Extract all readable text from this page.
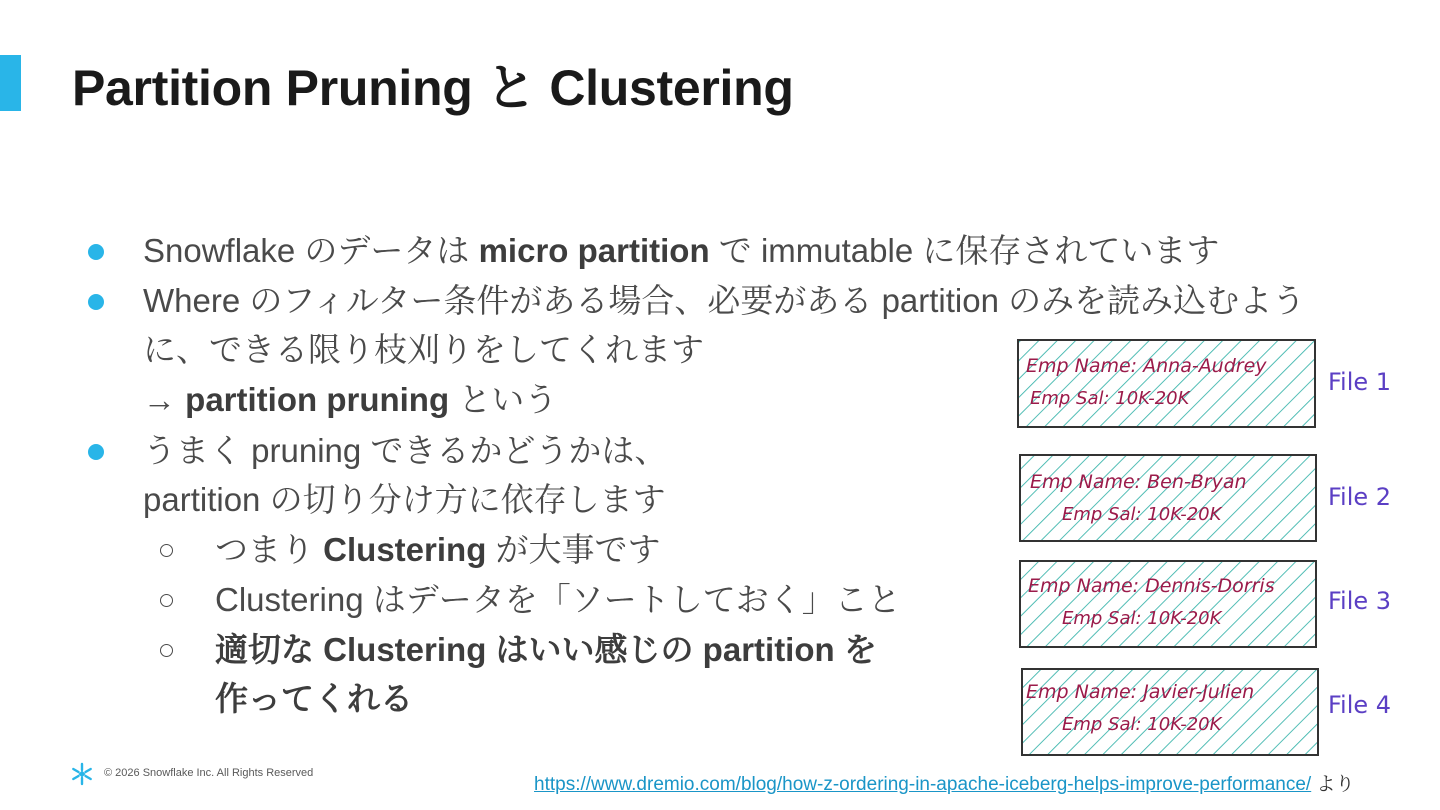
Partition Pruning と Clustering
Snowflake のデータは micro partition で immutable に保存されています
Where のフィルター条件がある場合、必要がある partition のみを読み込むよう
に、できる限り枝刈りをしてくれます
→ partition pruning という
うまく pruning できるかどうかは、
partition の切り分け方に依存します
つまり Clustering が大事です
Clustering はデータを「ソートしておく」こと
適切な Clustering はいい感じの partition を
作ってくれる
Emp Name: Anna-Audrey
Emp Sal: 10K-20K
File 1
Emp Name: Ben-Bryan
Emp Sal: 10K-20K
File 2
Emp Name: Dennis-Dorris
Emp Sal: 10K-20K
File 3
Emp Name: Javier-Julien
Emp Sal: 10K-20K
File 4
© 2026 Snowflake Inc. All Rights Reserved
https://www.dremio.com/blog/how-z-ordering-in-apache-iceberg-helps-improve-performance/ より
